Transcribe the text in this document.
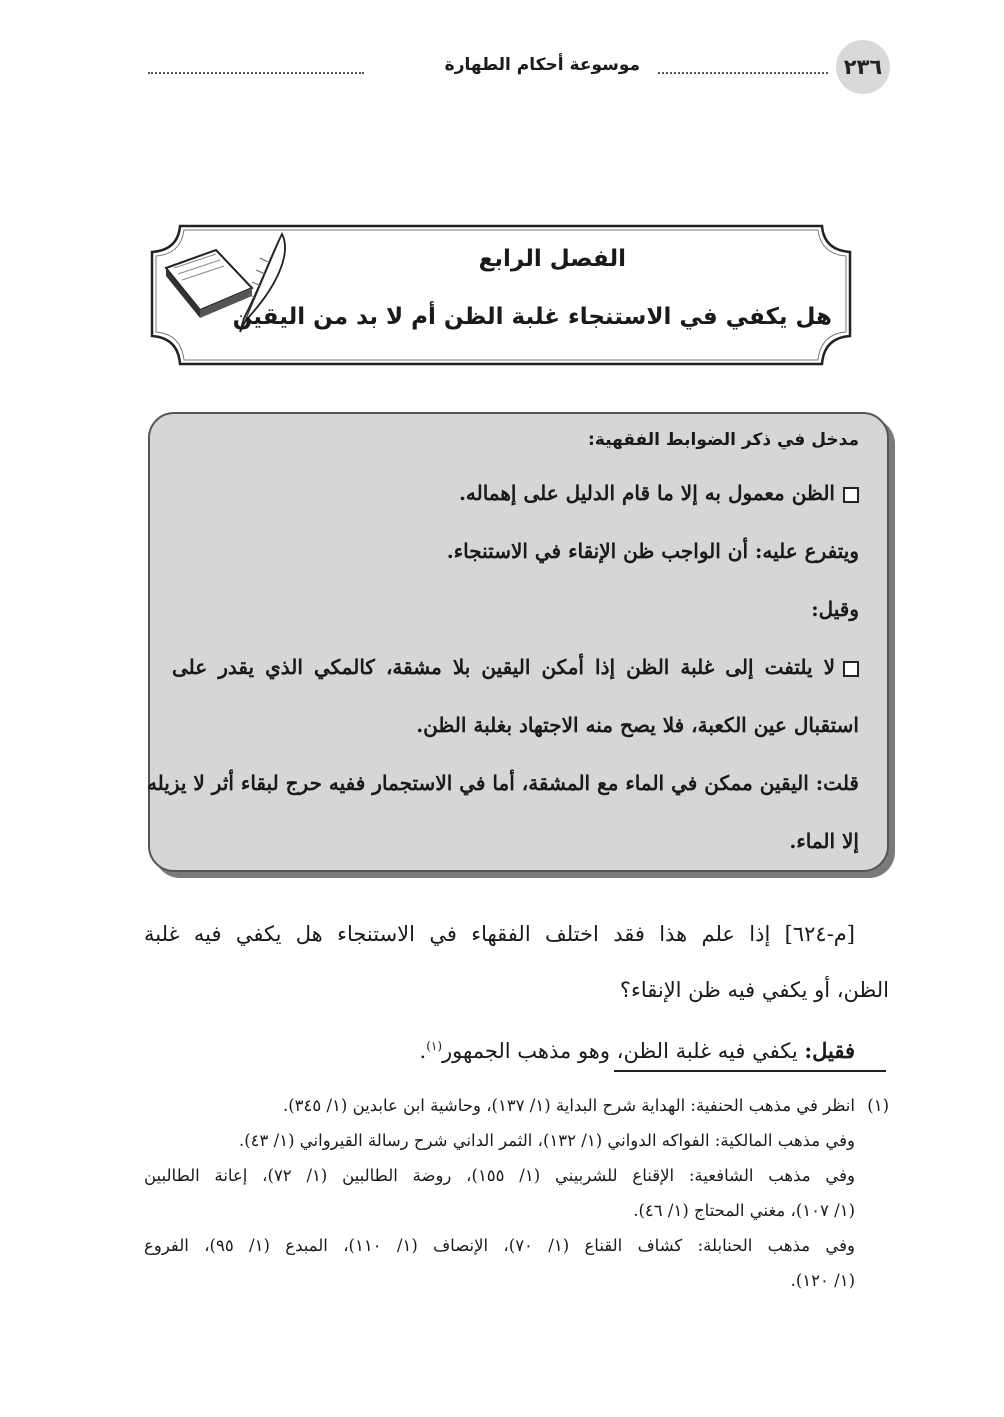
٢٣٦
موسوعة أحكام الطهارة
الفصل الرابع
هل يكفي في الاستنجاء غلبة الظن أم لا بد من اليقين
مدخل في ذكر الضوابط الفقهية:
الظن معمول به إلا ما قام الدليل على إهماله.
ويتفرع عليه: أن الواجب ظن الإنقاء في الاستنجاء.
وقيل:
لا يلتفت إلى غلبة الظن إذا أمكن اليقين بلا مشقة، كالمكي الذي يقدر على
استقبال عين الكعبة، فلا يصح منه الاجتهاد بغلبة الظن.
قلت: اليقين ممكن في الماء مع المشقة، أما في الاستجمار ففيه حرج لبقاء أثر لا يزيله
إلا الماء.
[م-٦٢٤] إذا علم هذا فقد اختلف الفقهاء في الاستنجاء هل يكفي فيه غلبة
الظن، أو يكفي فيه ظن الإنقاء؟
فقيل: يكفي فيه غلبة الظن، وهو مذهب الجمهور$^{(١)}$.
(١)انظر في مذهب الحنفية: الهداية شرح البداية (١/ ١٣٧)، وحاشية ابن عابدين (١/ ٣٤٥).
وفي مذهب المالكية: الفواكه الدواني (١/ ١٣٢)، الثمر الداني شرح رسالة القيرواني (١/ ٤٣).
وفي مذهب الشافعية: الإقناع للشربيني (١/ ١٥٥)، روضة الطالبين (١/ ٧٢)، إعانة الطالبين
(١/ ١٠٧)، مغني المحتاج (١/ ٤٦).
وفي مذهب الحنابلة: كشاف القناع (١/ ٧٠)، الإنصاف (١/ ١١٠)، المبدع (١/ ٩٥)، الفروع
(١/ ١٢٠).
